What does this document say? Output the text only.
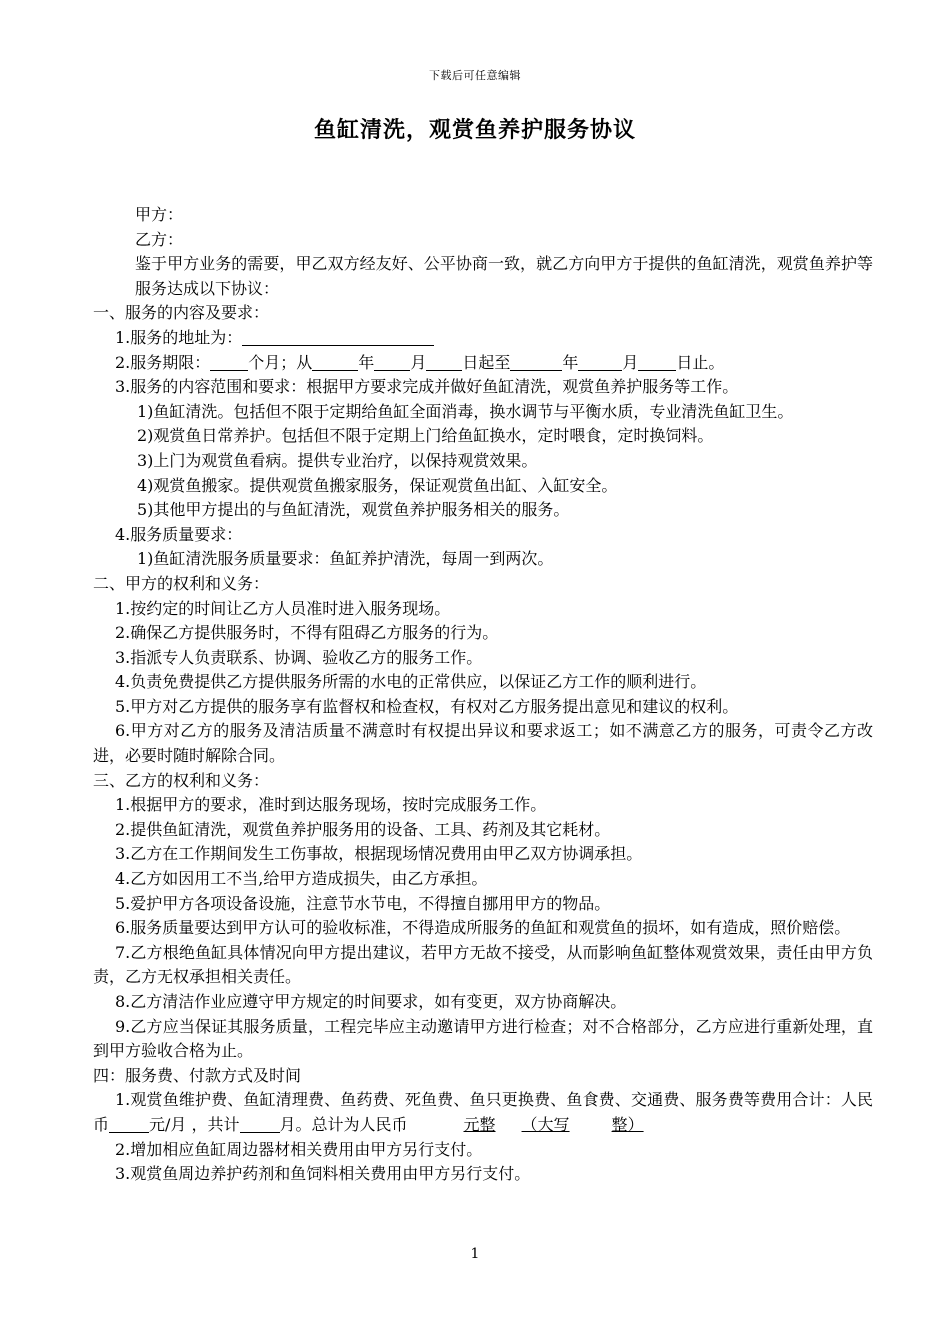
下载后可任意编辑
鱼缸清洗，观赏鱼养护服务协议
甲方：
乙方：
鉴于甲方业务的需要，甲乙双方经友好、公平协商一致，就乙方向甲方于提供的鱼缸清洗，观赏鱼养护等服务达成以下协议：
一、服务的内容及要求：
1.服务的地址为：
2.服务期限： 个月；从	年 月 日起至	年	月 日止。
3.服务的内容范围和要求：根据甲方要求完成并做好鱼缸清洗，观赏鱼养护服务等工作。
1)鱼缸清洗。包括但不限于定期给鱼缸全面消毒，换水调节与平衡水质，专业清洗鱼缸卫生。
2)观赏鱼日常养护。包括但不限于定期上门给鱼缸换水，定时喂食，定时换饲料。
3)上门为观赏鱼看病。提供专业治疗，以保持观赏效果。
4)观赏鱼搬家。提供观赏鱼搬家服务，保证观赏鱼出缸、入缸安全。
5)其他甲方提出的与鱼缸清洗，观赏鱼养护服务相关的服务。
4.服务质量要求：
1)鱼缸清洗服务质量要求：鱼缸养护清洗，每周一到两次。
二、甲方的权利和义务：
1.按约定的时间让乙方人员准时进入服务现场。
2.确保乙方提供服务时，不得有阻碍乙方服务的行为。
3.指派专人负责联系、协调、验收乙方的服务工作。
4.负责免费提供乙方提供服务所需的水电的正常供应，以保证乙方工作的顺利进行。
5.甲方对乙方提供的服务享有监督权和检查权，有权对乙方服务提出意见和建议的权利。
6.甲方对乙方的服务及清洁质量不满意时有权提出异议和要求返工；如不满意乙方的服务，可责令乙方改进，必要时随时解除合同。
三、乙方的权利和义务：
1.根据甲方的要求，准时到达服务现场，按时完成服务工作。
2.提供鱼缸清洗，观赏鱼养护服务用的设备、工具、药剂及其它耗材。
3.乙方在工作期间发生工伤事故，根据现场情况费用由甲乙双方协调承担。
4.乙方如因用工不当,给甲方造成损失，由乙方承担。
5.爱护甲方各项设备设施，注意节水节电，不得擅自挪用甲方的物品。
6.服务质量要达到甲方认可的验收标准，不得造成所服务的鱼缸和观赏鱼的损坏，如有造成，照价赔偿。
7.乙方根绝鱼缸具体情况向甲方提出建议，若甲方无故不接受，从而影响鱼缸整体观赏效果，责任由甲方负责，乙方无权承担相关责任。
8.乙方清洁作业应遵守甲方规定的时间要求，如有变更，双方协商解决。
9.乙方应当保证其服务质量，工程完毕应主动邀请甲方进行检查；对不合格部分，乙方应进行重新处理，直到甲方验收合格为止。
四：服务费、付款方式及时间
1.观赏鱼维护费、鱼缸清理费、鱼药费、死鱼费、鱼只更换费、鱼食费、交通费、服务费等费用合计：人民币	元/月 ，共计	月。总计为人民币	元整 （大写	整）
2.增加相应鱼缸周边器材相关费用由甲方另行支付。
3.观赏鱼周边养护药剂和鱼饲料相关费用由甲方另行支付。
1
